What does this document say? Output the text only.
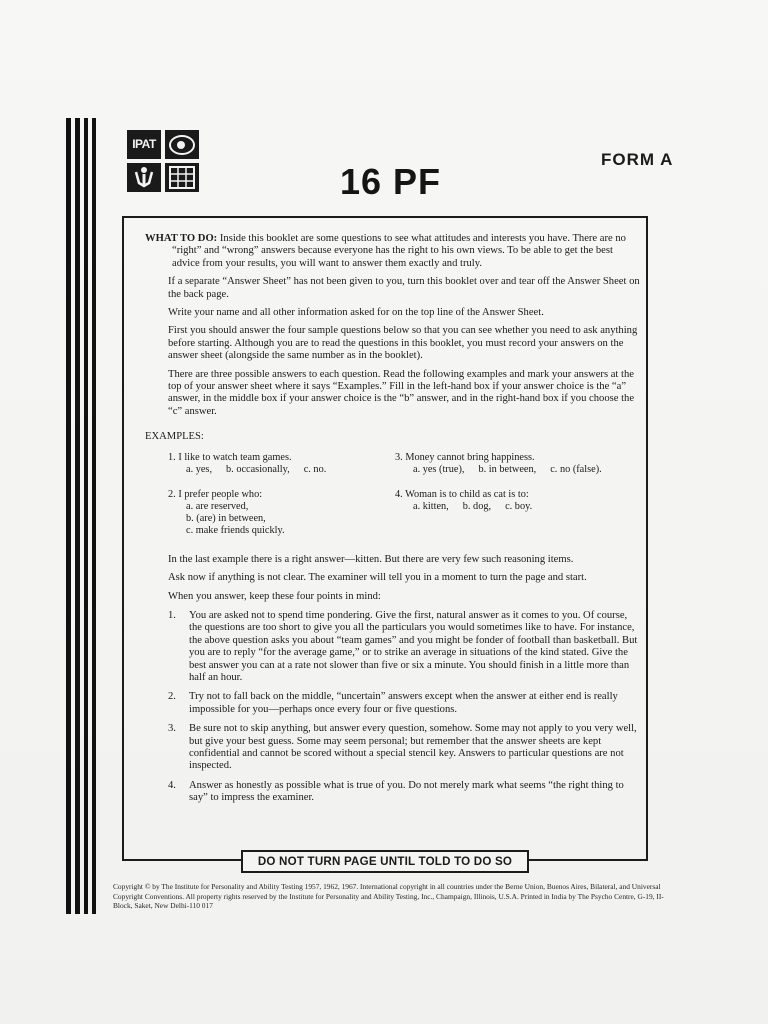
IPAT
16 PF
FORM A

WHAT TO DO: Inside this booklet are some questions to see what attitudes and interests you have. There are no “right” and “wrong” answers because everyone has the right to his own views. To be able to get the best advice from your results, you will want to answer them exactly and truly.

If a separate “Answer Sheet” has not been given to you, turn this booklet over and tear off the Answer Sheet on the back page.

Write your name and all other information asked for on the top line of the Answer Sheet.

First you should answer the four sample questions below so that you can see whether you need to ask anything before starting. Although you are to read the questions in this booklet, you must record your answers on the answer sheet (alongside the same number as in the booklet).

There are three possible answers to each question. Read the following examples and mark your answers at the top of your answer sheet where it says “Examples.” Fill in the left-hand box if your answer choice is the “a” answer, in the middle box if your answer choice is the “b” answer, and in the right-hand box if you choose the “c” answer.

EXAMPLES:

1. I like to watch team games.
a. yes, b. occasionally, c. no.
2. I prefer people who:
a. are reserved,
b. (are) in between,
c. make friends quickly.
3. Money cannot bring happiness.
a. yes (true), b. in between, c. no (false).
4. Woman is to child as cat is to:
a. kitten, b. dog, c. boy.

In the last example there is a right answer—kitten. But there are very few such reasoning items.

Ask now if anything is not clear. The examiner will tell you in a moment to turn the page and start.

When you answer, keep these four points in mind:

1.	You are asked not to spend time pondering. Give the first, natural answer as it comes to you. Of course, the questions are too short to give you all the particulars you would sometimes like to have. For instance, the above question asks you about “team games” and you might be fonder of football than basketball. But you are to reply “for the average game,” or to strike an average in situations of the kind stated. Give the best answer you can at a rate not slower than five or six a minute. You should finish in a little more than half an hour.
2.	Try not to fall back on the middle, “uncertain” answers except when the answer at either end is really impossible for you—perhaps once every four or five questions.
3.	Be sure not to skip anything, but answer every question, somehow. Some may not apply to you very well, but give your best guess. Some may seem personal; but remember that the answer sheets are kept confidential and cannot be scored without a special stencil key. Answers to particular questions are not inspected.
4.	Answer as honestly as possible what is true of you. Do not merely mark what seems “the right thing to say” to impress the examiner.
DO NOT TURN PAGE UNTIL TOLD TO DO SO
Copyright © by The Institute for Personality and Ability Testing 1957, 1962, 1967. International copyright in all countries under the Berne Union, Buenos Aires, Bilateral, and Universal Copyright Conventions. All property rights reserved by the Institute for Personality and Ability Testing, Inc., Champaign, Illinois, U.S.A. Printed in India by The Psycho Centre, G-19, II-Block, Saket, New Delhi-110 017
